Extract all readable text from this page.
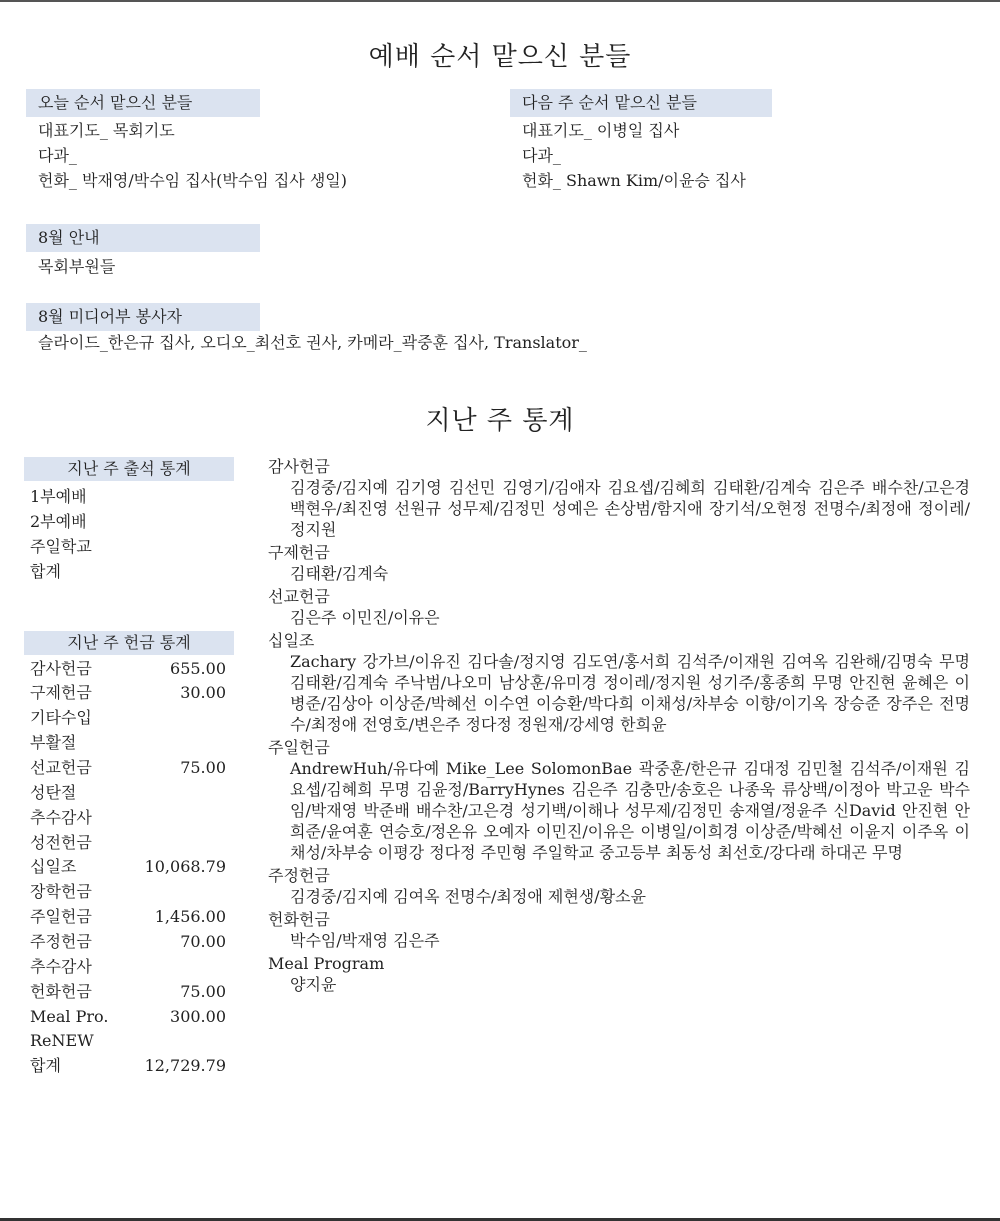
예배 순서 맡으신 분들
오늘 순서 맡으신 분들
대표기도_ 목회기도
다과_
헌화_ 박재영/박수임 집사(박수임 집사 생일)
다음 주 순서 맡으신 분들
대표기도_ 이병일 집사
다과_
헌화_ Shawn Kim/이윤승 집사
8월 안내
목회부원들
8월 미디어부 봉사자
슬라이드_한은규 집사, 오디오_최선호 권사, 카메라_곽중훈 집사, Translator_
지난 주 통계
지난 주 출석 통계
1부예배
2부예배
주일학교
합계
지난 주 헌금 통계
감사헌금	655.00
구제헌금	30.00
기타수입
부활절
선교헌금	75.00
성탄절
추수감사
성전헌금
십일조	10,068.79
장학헌금
주일헌금	1,456.00
주정헌금	70.00
추수감사
헌화헌금	75.00
Meal Pro.	300.00
ReNEW
합계	12,729.79
감사헌금
김경중/김지예 김기영 김선민 김영기/김애자 김요셉/김혜희 김태환/김계숙 김은주 배수찬/고은경 백현우/최진영 선원규 성무제/김정민 성예은 손상범/함지애 장기석/오현정 전명수/최정애 정이레/정지원
구제헌금
김태환/김계숙
선교헌금
김은주 이민진/이유은
십일조
Zachary 강가브/이유진 김다솔/정지영 김도연/홍서희 김석주/이재원 김여옥 김완해/김명숙 무명 김태환/김계숙 주낙범/나오미 남상훈/유미경 정이레/정지원 성기주/홍종희 무명 안진현 윤혜은 이병준/김상아 이상준/박혜선 이수연 이승환/박다희 이채성/차부숭 이향/이기옥 장승준 장주은 전명수/최정애 전영호/변은주 정다정 정원재/강세영 한희윤
주일헌금
AndrewHuh/유다예 Mike_Lee SolomonBae 곽중훈/한은규 김대정 김민철 김석주/이재원 김요셉/김혜희 무명 김윤정/BarryHynes 김은주 김충만/송호은 나종욱 류상백/이정아 박고운 박수임/박재영 박준배 배수찬/고은경 성기백/이해나 성무제/김정민 송재열/정윤주 신David 안진현 안희준/윤여훈 연승호/정온유 오예자 이민진/이유은 이병일/이희경 이상준/박혜선 이윤지 이주옥 이채성/차부숭 이평강 정다정 주민형 주일학교 중고등부 최동성 최선호/강다래 하대곤 무명
주정헌금
김경중/김지예 김여옥 전명수/최정애 제현생/황소윤
헌화헌금
박수임/박재영 김은주
Meal Program
양지윤
